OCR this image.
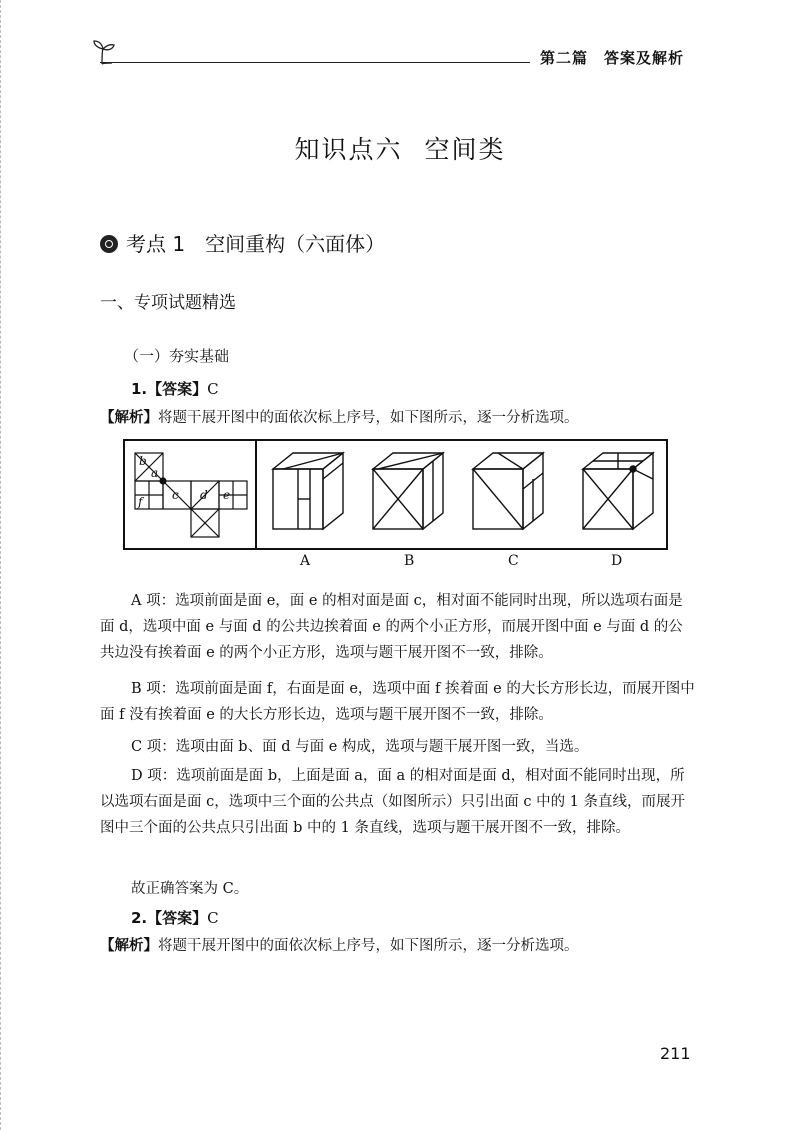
第二篇　答案及解析
知识点六 空间类
考点 1　空间重构（六面体）
一、专项试题精选
（一）夯实基础
1.【答案】C
【解析】将题干展开图中的面依次标上序号，如下图所示，逐一分析选项。
b
a
f c d e
A	B	C	D
A 项：选项前面是面 e，面 e 的相对面是面 c，相对面不能同时出现，所以选项右面是面 d，选项中面 e 与面 d 的公共边挨着面 e 的两个小正方形，而展开图中面 e 与面 d 的公共边没有挨着面 e 的两个小正方形，选项与题干展开图不一致，排除。
B 项：选项前面是面 f，右面是面 e，选项中面 f 挨着面 e 的大长方形长边，而展开图中面 f 没有挨着面 e 的大长方形长边，选项与题干展开图不一致，排除。
C 项：选项由面 b、面 d 与面 e 构成，选项与题干展开图一致，当选。
D 项：选项前面是面 b，上面是面 a，面 a 的相对面是面 d，相对面不能同时出现，所以选项右面是面 c，选项中三个面的公共点（如图所示）只引出面 c 中的 1 条直线，而展开图中三个面的公共点只引出面 b 中的 1 条直线，选项与题干展开图不一致，排除。
故正确答案为 C。
2.【答案】C
【解析】将题干展开图中的面依次标上序号，如下图所示，逐一分析选项。
211
